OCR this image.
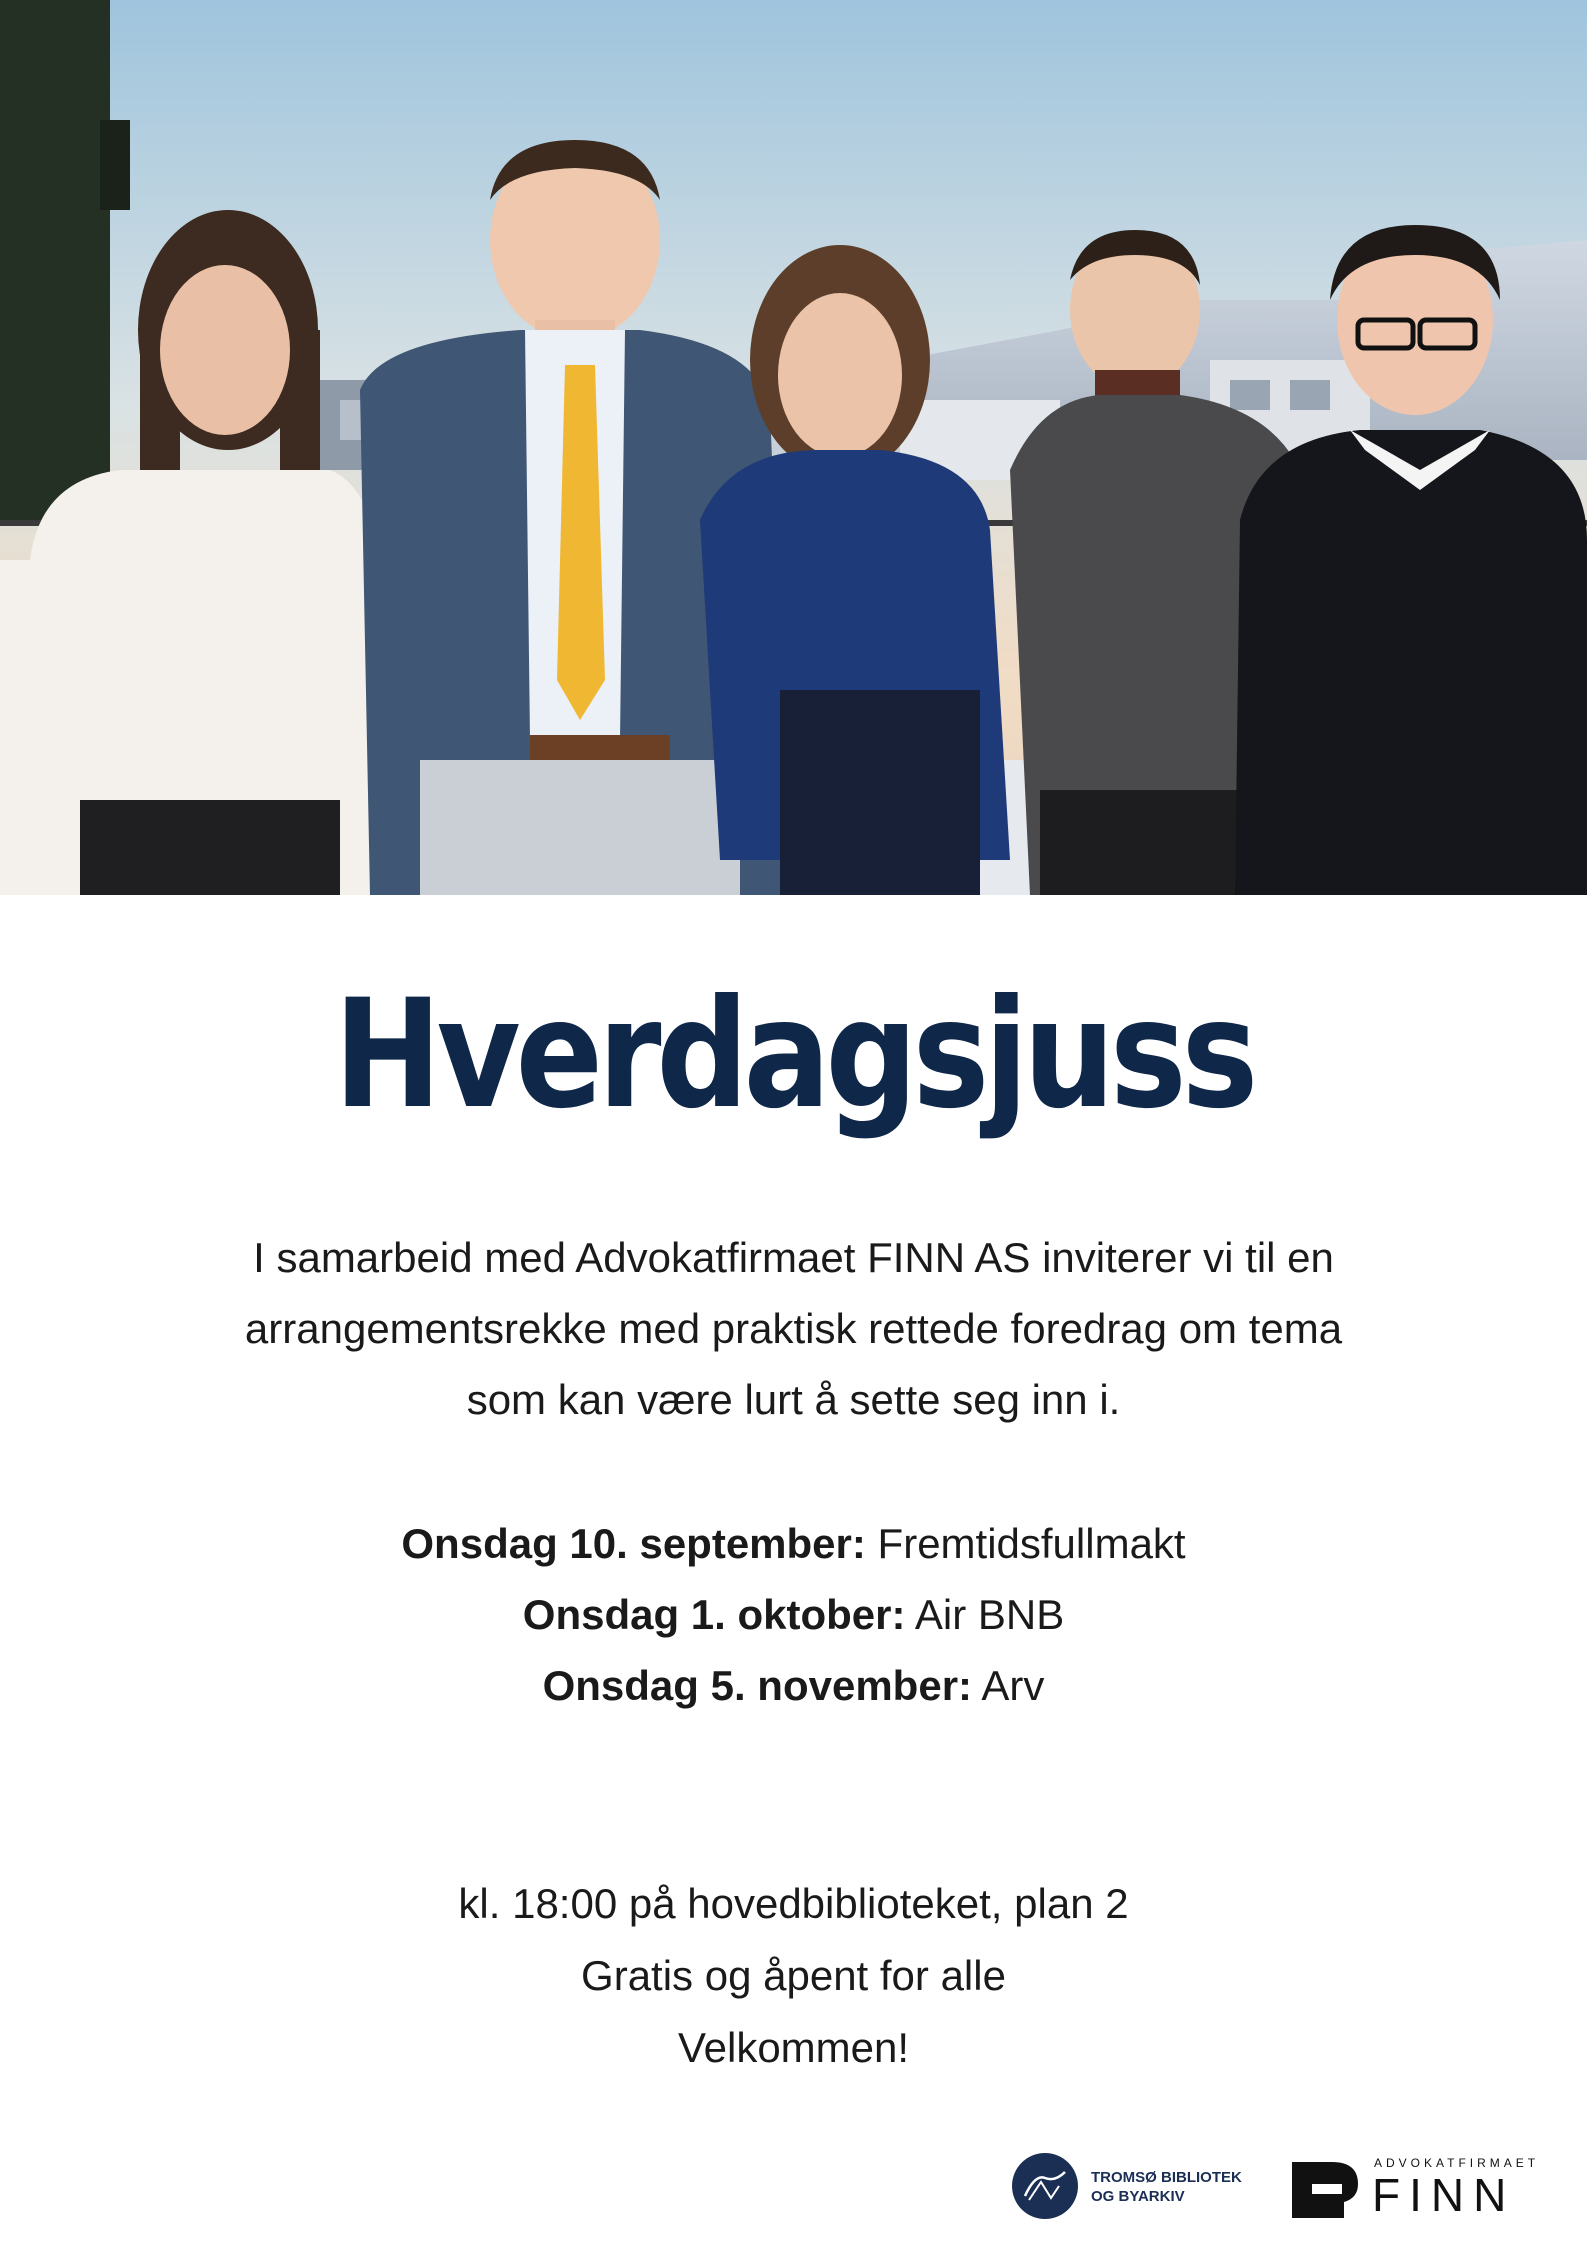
Hverdagsjuss
I samarbeid med Advokatfirmaet FINN AS inviterer vi til en
arrangementsrekke med praktisk rettede foredrag om tema
som kan være lurt å sette seg inn i.
Onsdag 10. september: Fremtidsfullmakt
Onsdag 1. oktober: Air BNB
Onsdag 5. november: Arv
kl. 18:00 på hovedbiblioteket, plan 2
Gratis og åpent for alle
Velkommen!
TROMSØ BIBLIOTEK
OG BYARKIV
ADVOKATFIRMAET
FINN
